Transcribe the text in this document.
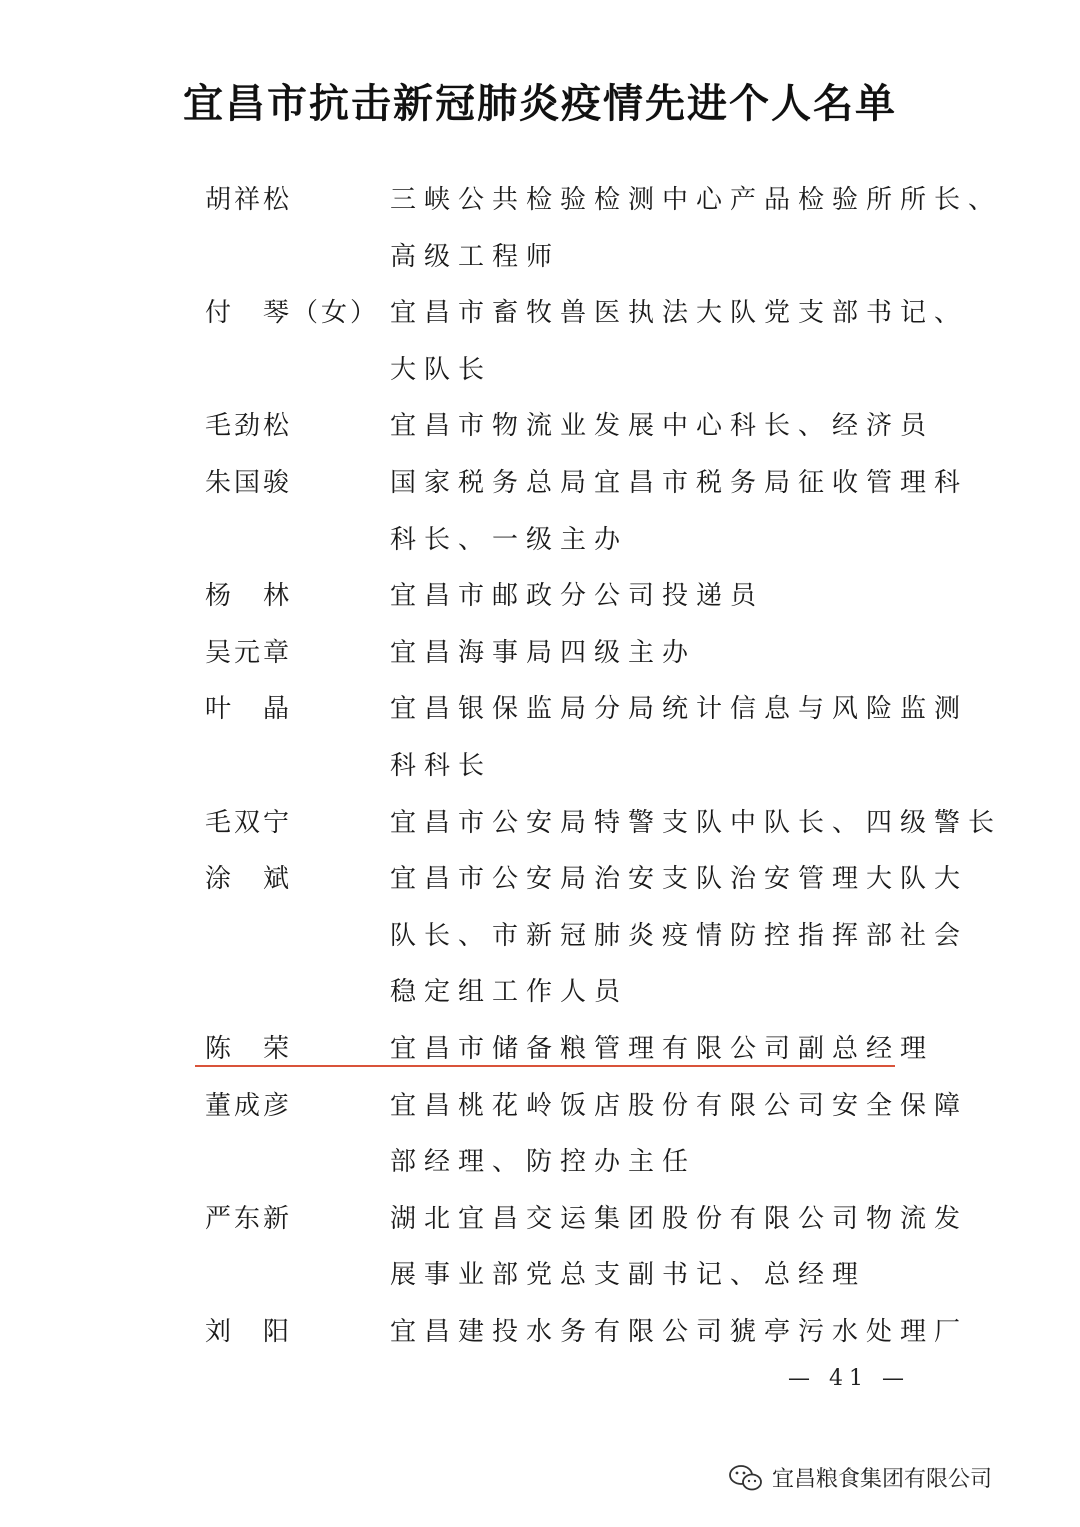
宜昌市抗击新冠肺炎疫情先进个人名单
胡祥松	三峡公共检验检测中心产品检验所所长、
高级工程师
付　琴（女） 宜昌市畜牧兽医执法大队党支部书记、
大队长
毛劲松	宜昌市物流业发展中心科长、经济员
朱国骏	国家税务总局宜昌市税务局征收管理科
科长、一级主办
杨　林	宜昌市邮政分公司投递员
吴元章	宜昌海事局四级主办
叶　晶	宜昌银保监局分局统计信息与风险监测
科科长
毛双宁	宜昌市公安局特警支队中队长、四级警长
涂　斌	宜昌市公安局治安支队治安管理大队大
队长、市新冠肺炎疫情防控指挥部社会
稳定组工作人员
陈　荣	宜昌市储备粮管理有限公司副总经理
董成彦	宜昌桃花岭饭店股份有限公司安全保障
部经理、防控办主任
严东新	湖北宜昌交运集团股份有限公司物流发
展事业部党总支副书记、总经理
刘　阳	宜昌建投水务有限公司猇亭污水处理厂
— 41 —
宜昌粮食集团有限公司
